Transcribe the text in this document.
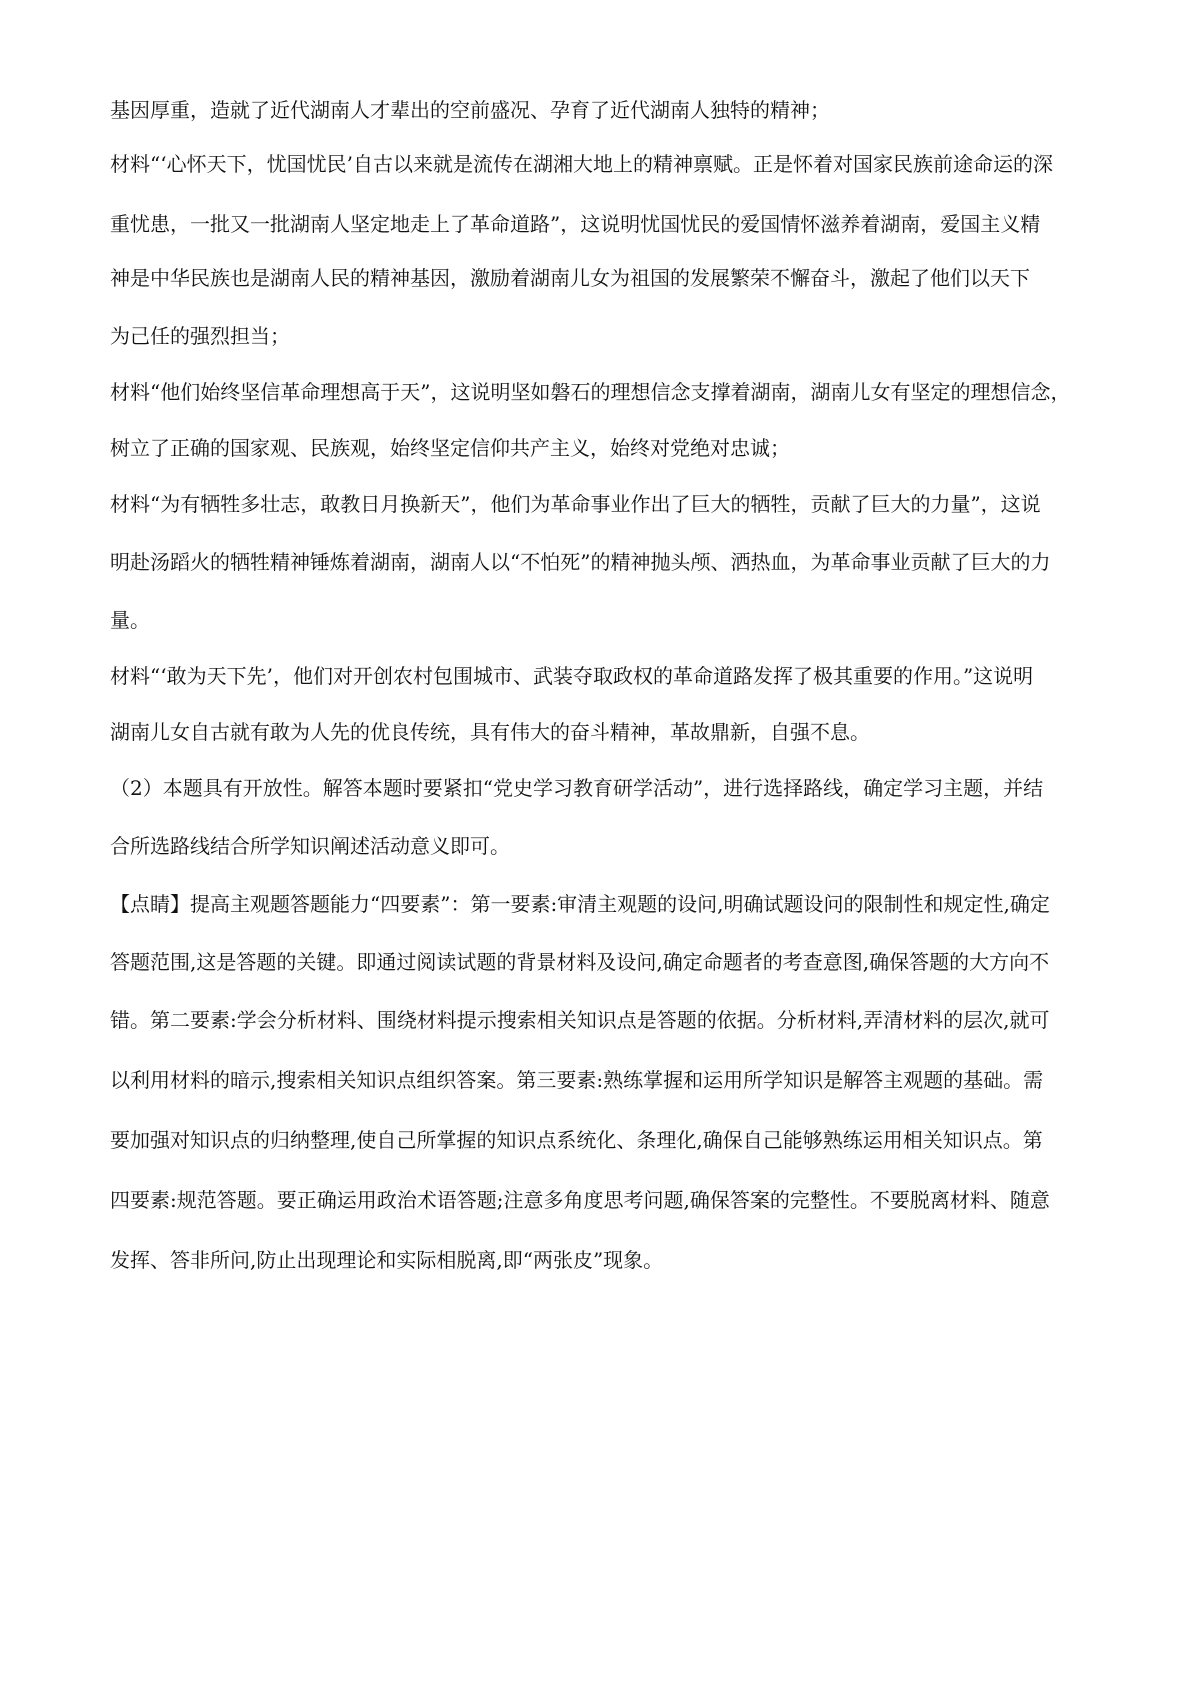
基因厚重，造就了近代湖南人才辈出的空前盛况、孕育了近代湖南人独特的精神；
材料“‘心怀天下，忧国忧民’自古以来就是流传在湖湘大地上的精神禀赋。正是怀着对国家民族前途命运的深
重忧患，一批又一批湖南人坚定地走上了革命道路”，这说明忧国忧民的爱国情怀滋养着湖南，爱国主义精
神是中华民族也是湖南人民的精神基因，激励着湖南儿女为祖国的发展繁荣不懈奋斗，激起了他们以天下
为己任的强烈担当；
材料“他们始终坚信革命理想高于天”，这说明坚如磐石的理想信念支撑着湖南，湖南儿女有坚定的理想信念，
树立了正确的国家观、民族观，始终坚定信仰共产主义，始终对党绝对忠诚；
材料“为有牺牲多壮志，敢教日月换新天”，他们为革命事业作出了巨大的牺牲，贡献了巨大的力量”，这说
明赴汤蹈火的牺牲精神锤炼着湖南，湖南人以“不怕死”的精神抛头颅、洒热血，为革命事业贡献了巨大的力
量。
材料“‘敢为天下先’，他们对开创农村包围城市、武装夺取政权的革命道路发挥了极其重要的作用。”这说明
湖南儿女自古就有敢为人先的优良传统，具有伟大的奋斗精神，革故鼎新，自强不息。
（2）本题具有开放性。解答本题时要紧扣“党史学习教育研学活动”，进行选择路线，确定学习主题，并结
合所选路线结合所学知识阐述活动意义即可。
【点睛】提高主观题答题能力“四要素”：第一要素:审清主观题的设问,明确试题设问的限制性和规定性,确定
答题范围,这是答题的关键。即通过阅读试题的背景材料及设问,确定命题者的考查意图,确保答题的大方向不
错。第二要素:学会分析材料、围绕材料提示搜索相关知识点是答题的依据。分析材料,弄清材料的层次,就可
以利用材料的暗示,搜索相关知识点组织答案。第三要素:熟练掌握和运用所学知识是解答主观题的基础。需
要加强对知识点的归纳整理,使自己所掌握的知识点系统化、条理化,确保自己能够熟练运用相关知识点。第
四要素:规范答题。要正确运用政治术语答题;注意多角度思考问题,确保答案的完整性。不要脱离材料、随意
发挥、答非所问,防止出现理论和实际相脱离,即“两张皮”现象。
